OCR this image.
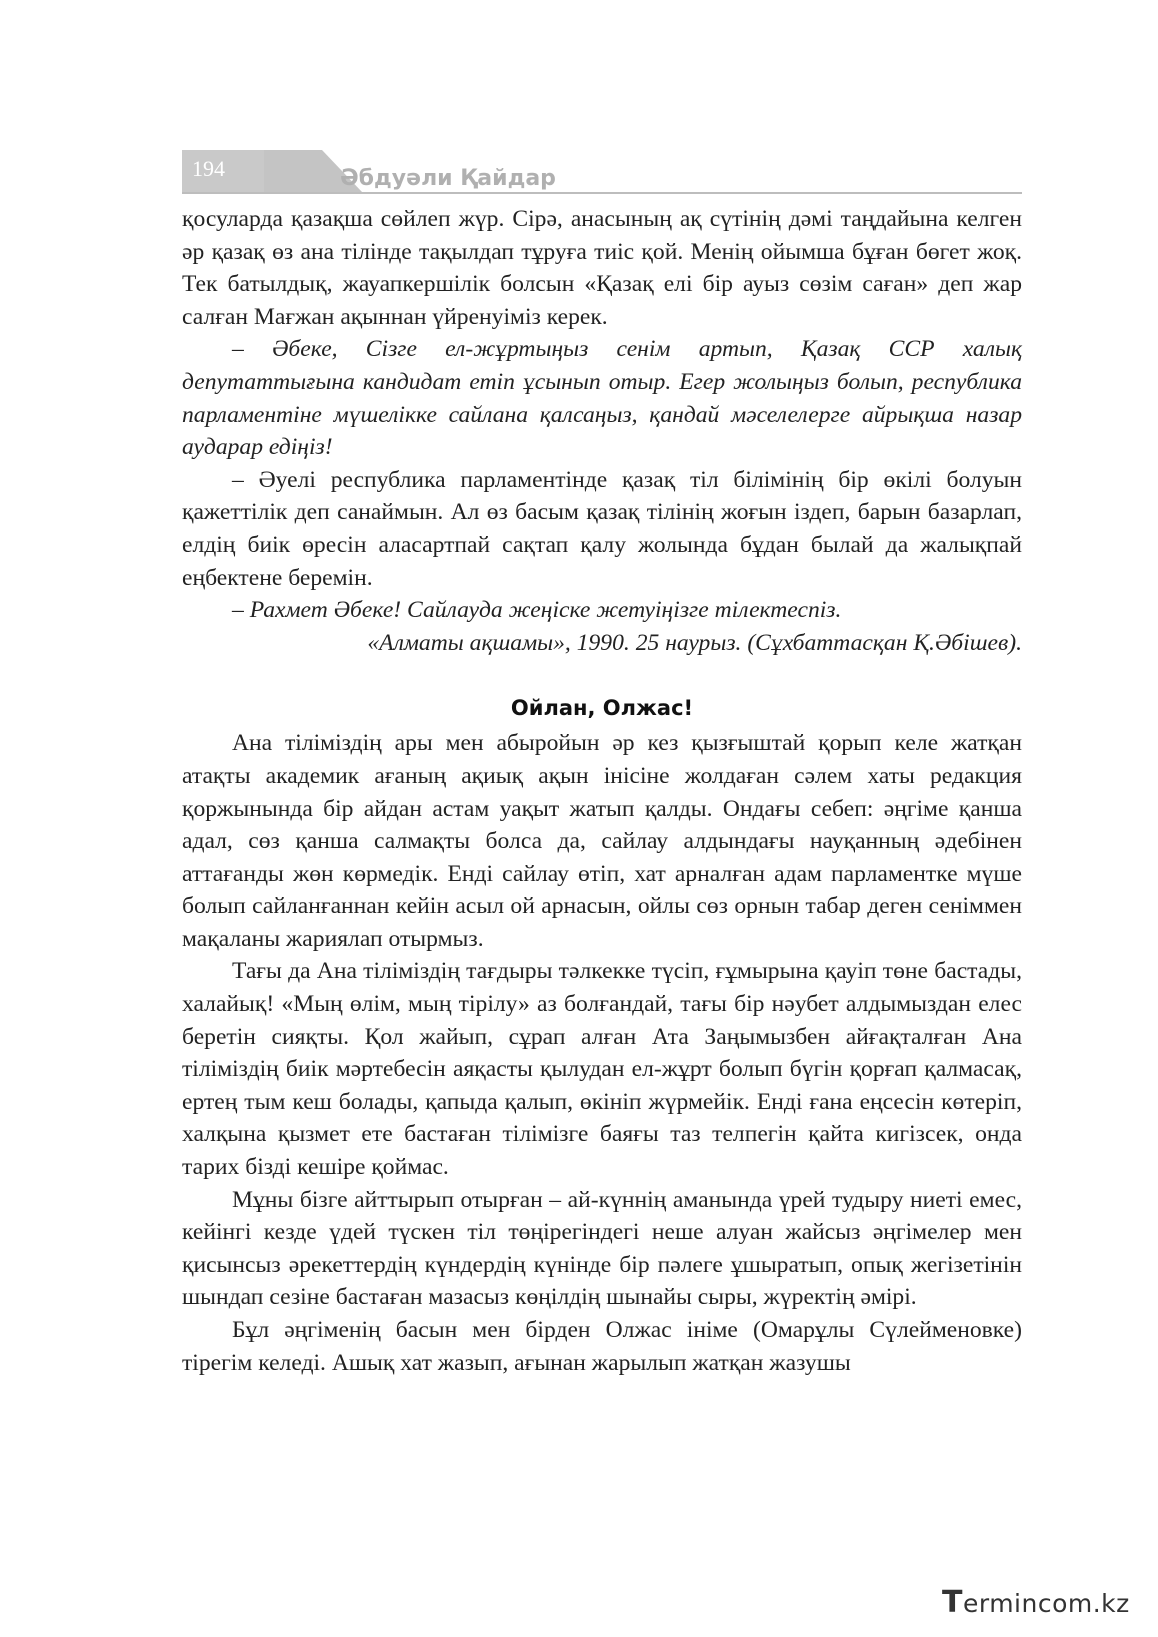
194	Әбдуәли Қайдар

қосуларда қазақша сөйлеп жүр. Сірә, анасының ақ сүтінің дәмі таңдайына келген әр қазақ өз ана тілінде тақылдап тұруға тиіс қой. Менің ойымша бұған бөгет жоқ. Тек батылдық, жауапкершілік болсын «Қазақ елі бір ауыз сөзім саған» деп жар салған Мағжан ақыннан үйренуіміз керек.

– Әбеке, Сізге ел-жұртыңыз сенім артып, Қазақ ССР халық депутаттығына кандидат етіп ұсынып отыр. Егер жолыңыз болып, республика парламентіне мүшелікке сайлана қалсаңыз, қандай мәселелерге айрықша назар аударар едіңіз!

– Әуелі республика парламентінде қазақ тіл білімінің бір өкілі болуын қажеттілік деп санаймын. Ал өз басым қазақ тілінің жоғын іздеп, барын базарлап, елдің биік өресін аласартпай сақтап қалу жолында бұдан былай да жалықпай еңбектене беремін.

– Рахмет Әбеке! Сайлауда жеңіске жетуіңізге тілектеспіз.

«Алматы ақшамы», 1990. 25 наурыз. (Сұхбаттасқан Қ.Әбішев).

Ойлан, Олжас!

Ана тіліміздің ары мен абыройын әр кез қызғыштай қорып келе жатқан атақты академик ағаның ақиық ақын інісіне жолдаған сәлем хаты редакция қоржынында бір айдан астам уақыт жатып қалды. Ондағы себеп: әңгіме қанша адал, сөз қанша салмақты болса да, сайлау алдындағы науқанның әдебінен аттағанды жөн көрмедік. Енді сайлау өтіп, хат арналған адам парламентке мүше болып сайланғаннан кейін асыл ой арнасын, ойлы сөз орнын табар деген сеніммен мақаланы жариялап отырмыз.

Тағы да Ана тіліміздің тағдыры тәлкекке түсіп, ғұмырына қауіп төне бастады, халайық! «Мың өлім, мың тірілу» аз болғандай, тағы бір нәубет алдымыздан елес беретін сияқты. Қол жайып, сұрап алған Ата Заңымызбен айғақталған Ана тіліміздің биік мәртебесін аяқасты қылудан ел-жұрт болып бүгін қорғап қалмасақ, ертең тым кеш болады, қапыда қалып, өкініп жүрмейік. Енді ғана еңсесін көтеріп, халқына қызмет ете бастаған тілімізге баяғы таз телпегін қайта кигізсек, онда тарих бізді кешіре қоймас.

Мұны бізге айттырып отырған – ай-күннің аманында үрей тудыру ниеті емес, кейінгі кезде үдей түскен тіл төңірегіндегі неше алуан жайсыз әңгімелер мен қисынсыз әрекеттердің күндердің күнінде бір пәлеге ұшыратып, опық жегізетінін шындап сезіне бастаған мазасыз көңілдің шынайы сыры, жүректің әмірі.

Бұл әңгіменің басын мен бірден Олжас iніме (Омарұлы Сүлейменовке) тірегім келеді. Ашық хат жазып, ағынан жарылып жатқан жазушы

Termincom.kz
